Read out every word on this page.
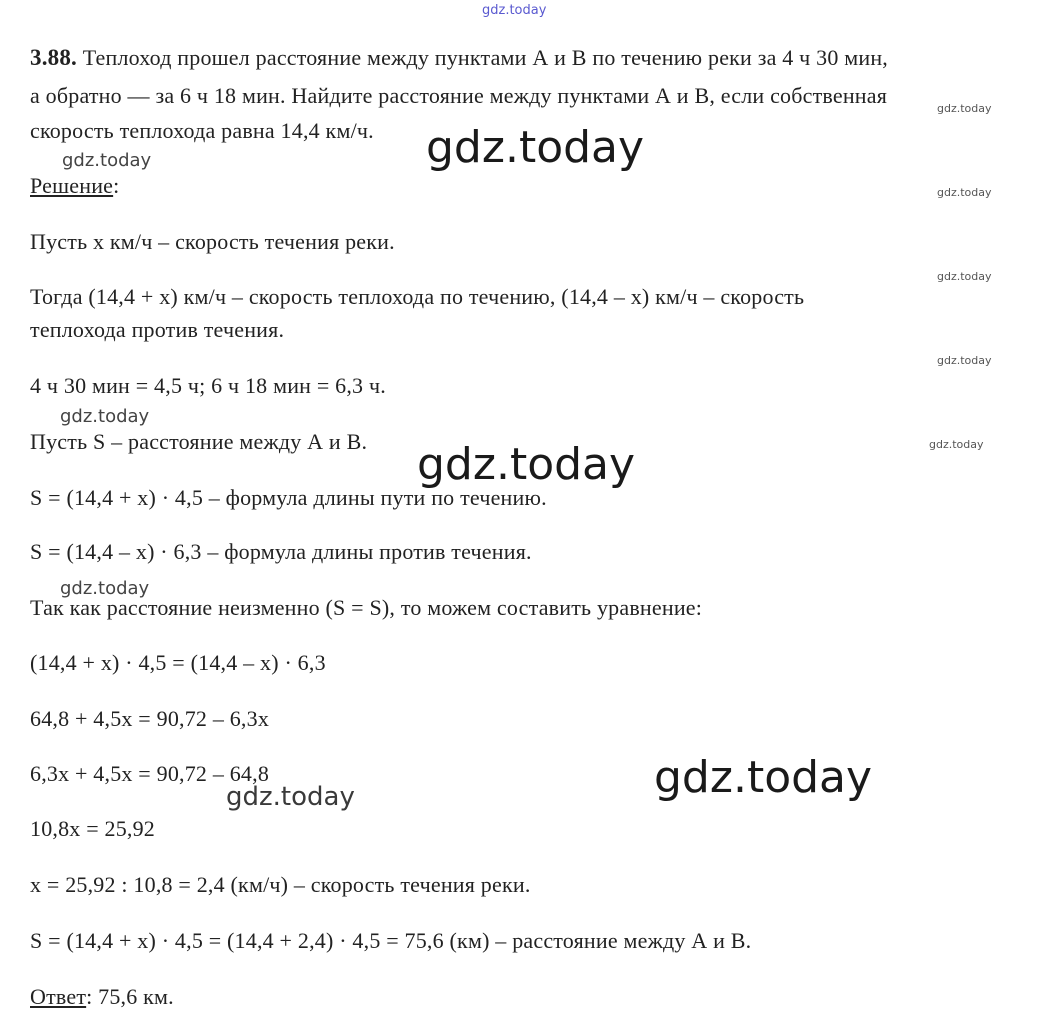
gdz.today
3.88. Теплоход прошел расстояние между пунктами А и В по течению реки за 4 ч 30 мин,
а обратно — за 6 ч 18 мин. Найдите расстояние между пунктами А и В, если собственная
скорость теплохода равна 14,4 км/ч.
Решение:
Пусть х км/ч – скорость течения реки.
Тогда (14,4 + х) км/ч – скорость теплохода по течению, (14,4 – х) км/ч – скорость
теплохода против течения.
4 ч 30 мин = 4,5 ч; 6 ч 18 мин = 6,3 ч.
Пусть S – расстояние между А и В.
S = (14,4 + х) · 4,5 – формула длины пути по течению.
S = (14,4 – х) · 6,3 – формула длины против течения.
Так как расстояние неизменно (S = S), то можем составить уравнение:
(14,4 + х) · 4,5 = (14,4 – х) · 6,3
64,8 + 4,5х = 90,72 – 6,3х
6,3х + 4,5х = 90,72 – 64,8
10,8х = 25,92
х = 25,92 : 10,8 = 2,4 (км/ч) – скорость течения реки.
S = (14,4 + х) · 4,5 = (14,4 + 2,4) · 4,5 = 75,6 (км) – расстояние между А и В.
Ответ: 75,6 км.
gdz.today
gdz.today
gdz.today
gdz.today
gdz.today
gdz.today
gdz.today
gdz.today
gdz.today
gdz.today
gdz.today
gdz.today
